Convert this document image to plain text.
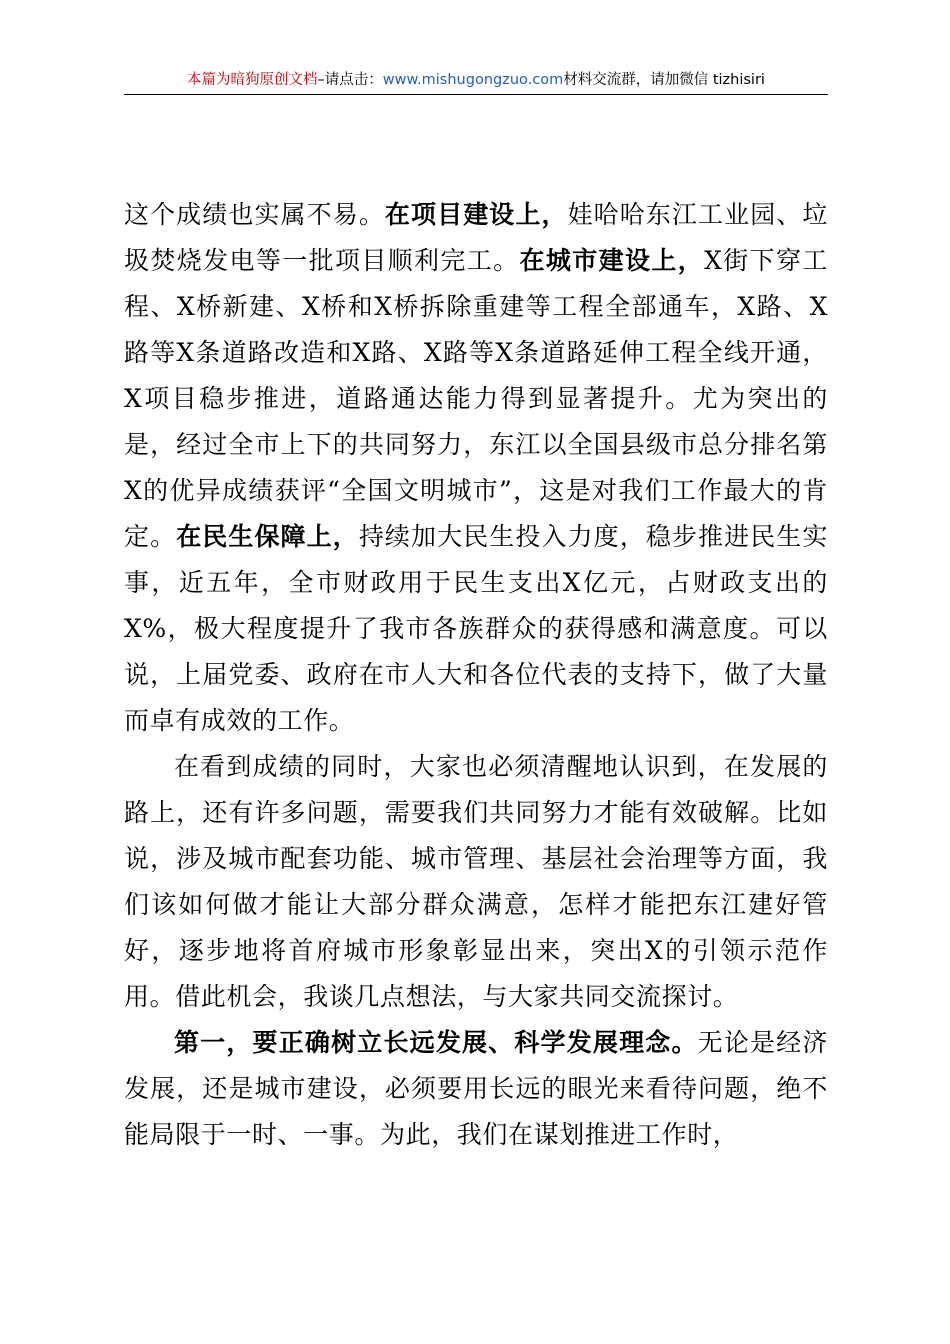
本篇为暗狗原创文档–请点击：www.mishugongzuo.com材料交流群，请加微信 tizhisiri

这个成绩也实属不易。在项目建设上，娃哈哈东江工业园、垃圾焚烧发电等一批项目顺利完工。在城市建设上，X街下穿工程、X桥新建、X桥和X桥拆除重建等工程全部通车，X路、X路等X条道路改造和X路、X路等X条道路延伸工程全线开通，X项目稳步推进，道路通达能力得到显著提升。尤为突出的是，经过全市上下的共同努力，东江以全国县级市总分排名第X的优异成绩获评“全国文明城市”，这是对我们工作最大的肯定。在民生保障上，持续加大民生投入力度，稳步推进民生实事，近五年，全市财政用于民生支出X亿元，占财政支出的X%，极大程度提升了我市各族群众的获得感和满意度。可以说，上届党委、政府在市人大和各位代表的支持下，做了大量而卓有成效的工作。

在看到成绩的同时，大家也必须清醒地认识到，在发展的路上，还有许多问题，需要我们共同努力才能有效破解。比如说，涉及城市配套功能、城市管理、基层社会治理等方面，我们该如何做才能让大部分群众满意，怎样才能把东江建好管好，逐步地将首府城市形象彰显出来，突出X的引领示范作用。借此机会，我谈几点想法，与大家共同交流探讨。

第一，要正确树立长远发展、科学发展理念。无论是经济发展，还是城市建设，必须要用长远的眼光来看待问题，绝不能局限于一时、一事。为此，我们在谋划推进工作时，
